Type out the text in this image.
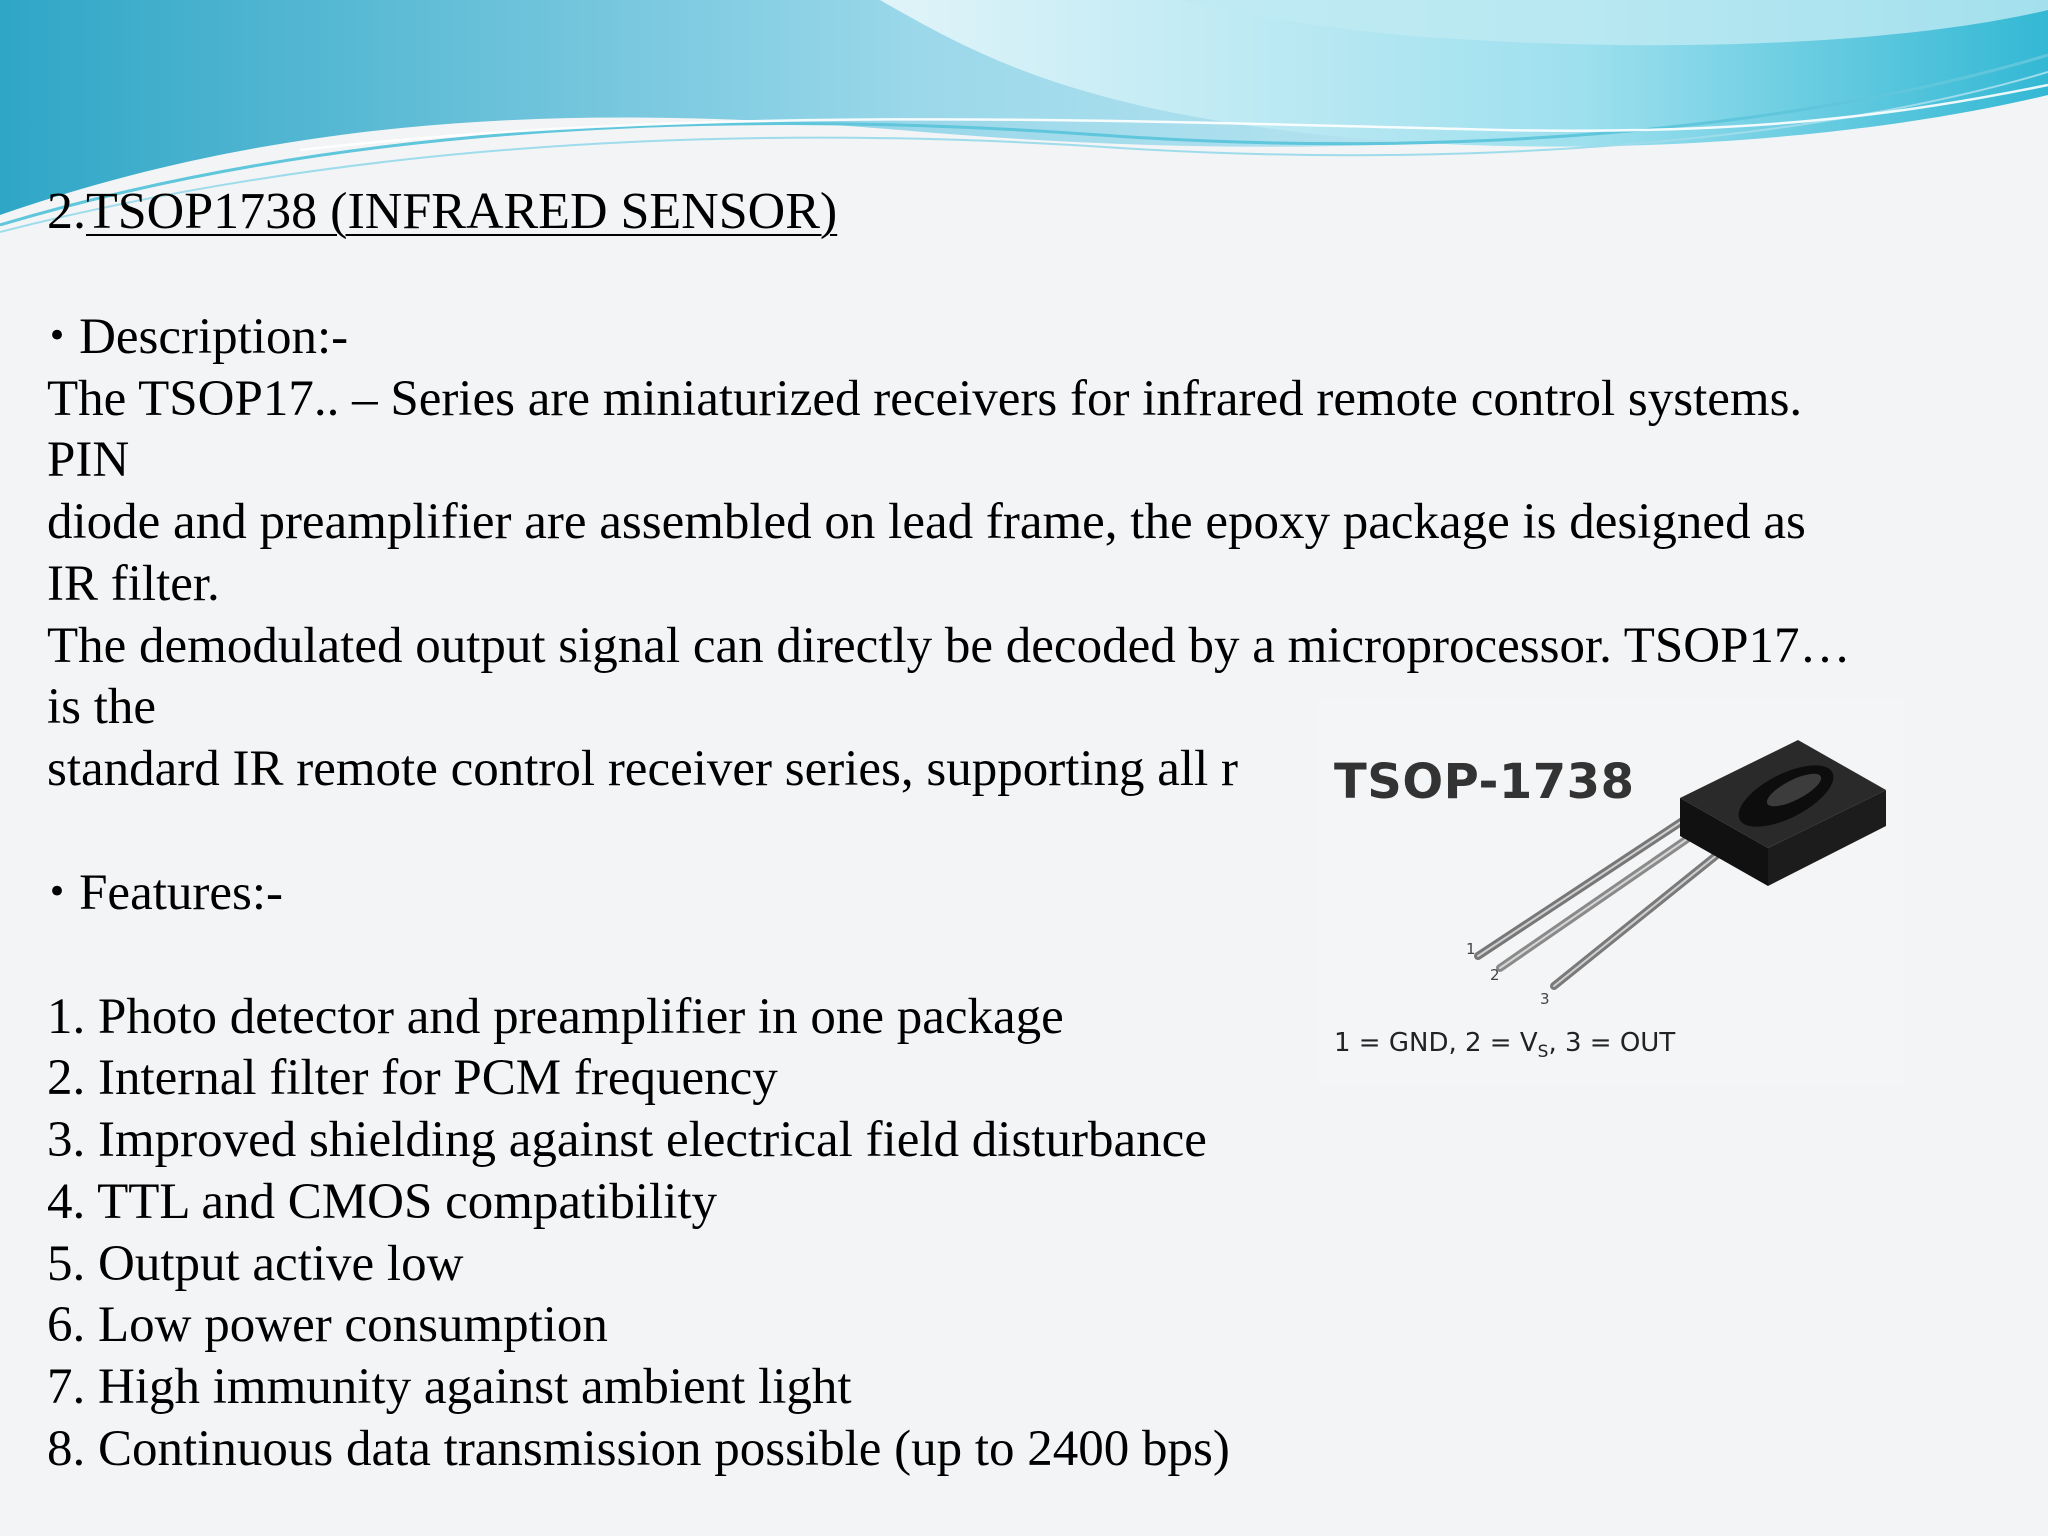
2.TSOP1738 (INFRARED SENSOR)

• Description:-

The TSOP17.. – Series are miniaturized receivers for infrared remote control systems.

PIN

diode and preamplifier are assembled on lead frame, the epoxy package is designed as

IR filter.

The demodulated output signal can directly be decoded by a microprocessor. TSOP17…

is the

standard IR remote control receiver series, supporting all r

• Features:-

1. Photo detector and preamplifier in one package
2. Internal filter for PCM frequency
3. Improved shielding against electrical field disturbance
4. TTL and CMOS compatibility
5. Output active low
6. Low power consumption
7. High immunity against ambient light
8. Continuous data transmission possible (up to 2400 bps)
TSOP-1738
1
2
3
1 = GND, $2 = V_S$, 3 = OUT
